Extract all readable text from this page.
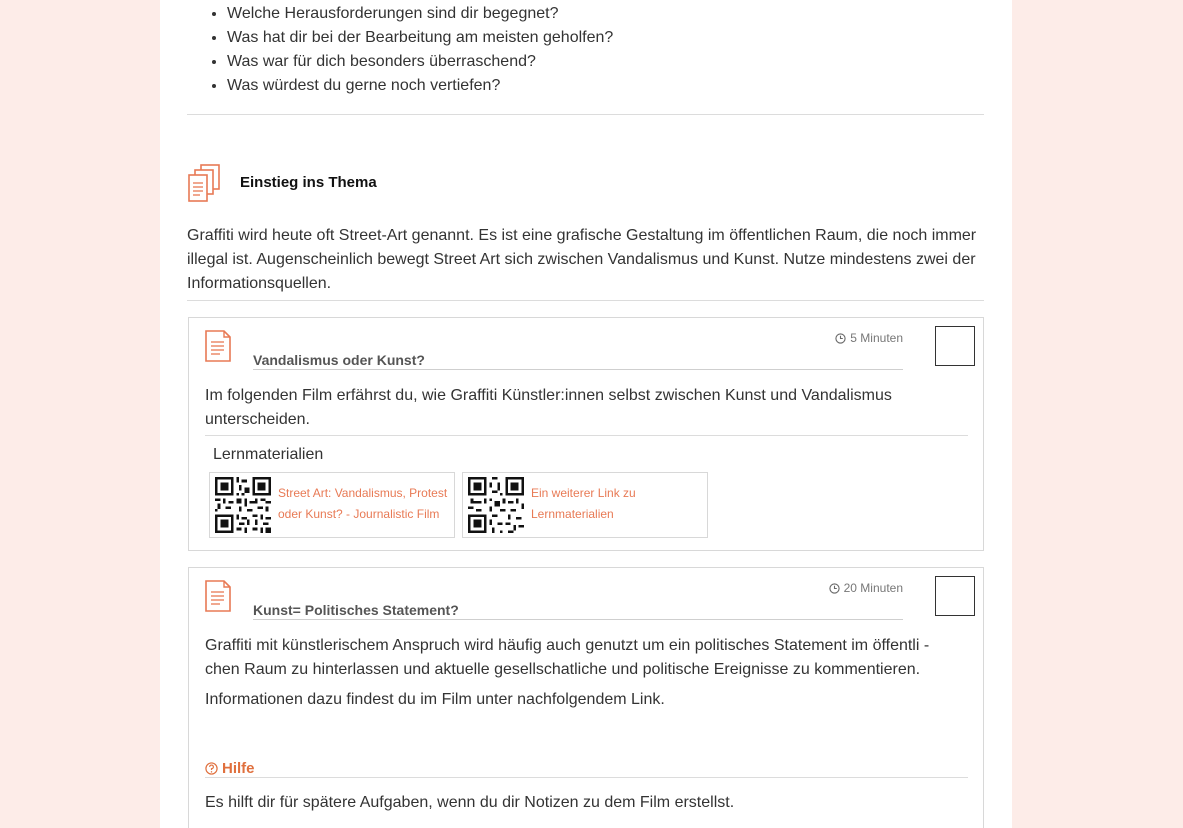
• Welche Herausforderungen sind dir begegnet?
• Was hat dir bei der Bearbeitung am meisten geholfen?
• Was war für dich besonders überraschend?
• Was würdest du gerne noch vertiefen?
Einstieg ins Thema

Graffiti wird heute oft Street-Art genannt. Es ist eine grafische Gestaltung im öffentlichen Raum, die noch immer illegal ist. Augenscheinlich bewegt Street Art sich zwischen Vandalismus und Kunst. Nutze mindestens zwei der Informationsquellen.

5 Minuten
Vandalismus oder Kunst?

Im folgenden Film erfährst du, wie Graffiti Künstler:innen selbst zwischen Kunst und Vandalismus unterscheiden.

Lernmaterialien
Street Art: Vandalismus, Protest oder Kunst? - Journalistic Film
Ein weiterer Link zu Lernmaterialien
20 Minuten
Kunst= Politisches Statement?

Graffiti mit künstlerischem Anspruch wird häufig auch genutzt um ein politisches Statement im öffentli - chen Raum zu hinterlassen und aktuelle gesellschatliche und politische Ereignisse zu kommentieren.

Informationen dazu findest du im Film unter nachfolgendem Link.

Hilfe

Es hilft dir für spätere Aufgaben, wenn du dir Notizen zu dem Film erstellst.
